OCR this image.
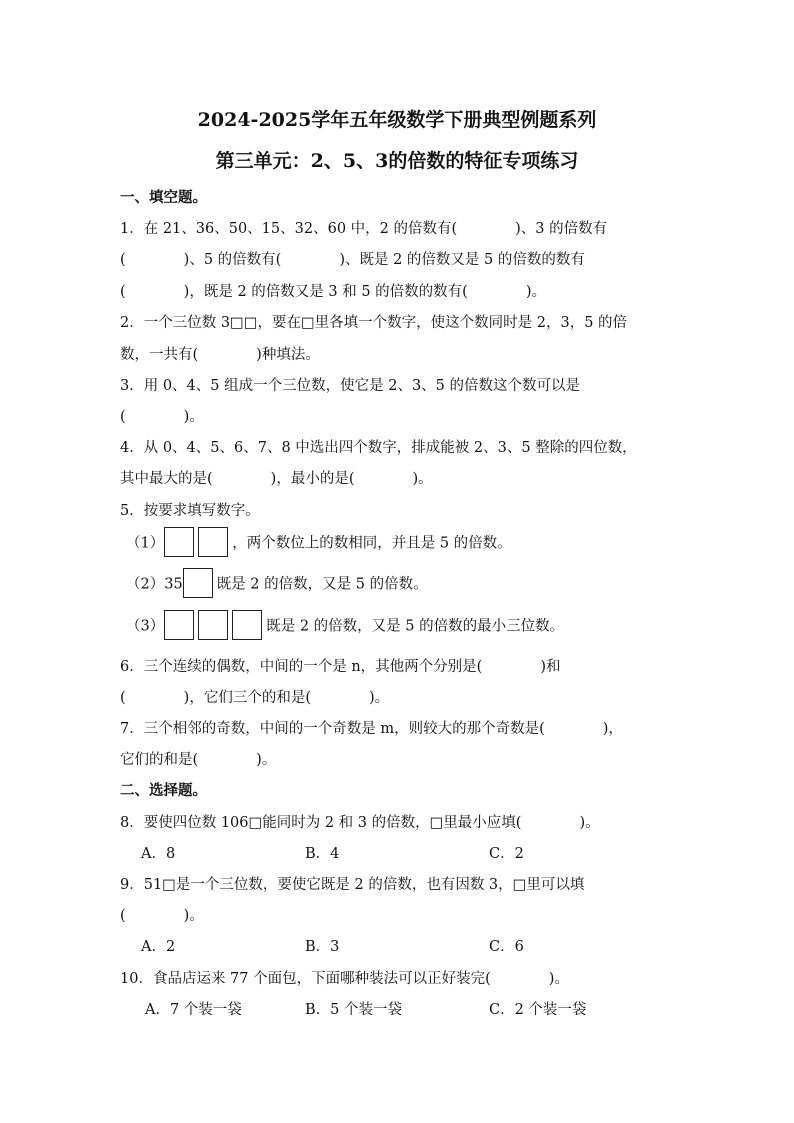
2024-2025学年五年级数学下册典型例题系列
第三单元：2、5、3的倍数的特征专项练习
一、填空题。
1．在 21、36、50、15、32、60 中，2 的倍数有(	)、3 的倍数有
(	)、5 的倍数有(	)、既是 2 的倍数又是 5 的倍数的数有
(	)，既是 2 的倍数又是 3 和 5 的倍数的数有(	)。
2．一个三位数 3□□，要在□里各填一个数字，使这个数同时是 2，3，5 的倍
数，一共有(	)种填法。
3．用 0、4、5 组成一个三位数，使它是 2、3、5 的倍数这个数可以是
(	)。
4．从 0、4、5、6、7、8 中选出四个数字，排成能被 2、3、5 整除的四位数，
其中最大的是(	)，最小的是(	)。
5．按要求填写数字。
（1）	，两个数位上的数相同，并且是 5 的倍数。
（2）35 既是 2 的倍数，又是 5 的倍数。
（3）	既是 2 的倍数，又是 5 的倍数的最小三位数。
6．三个连续的偶数，中间的一个是 n，其他两个分别是(	)和
(	)，它们三个的和是(	)。
7．三个相邻的奇数，中间的一个奇数是 m，则较大的那个奇数是(	)，
它们的和是(	)。
二、选择题。
8．要使四位数 106□能同时为 2 和 3 的倍数，□里最小应填(	)。
A．8	B．4	C．2
9．51□是一个三位数，要使它既是 2 的倍数，也有因数 3，□里可以填
(	)。
A．2	B．3	C．6
10．食品店运来 77 个面包，下面哪种装法可以正好装完(	)。
A．7 个装一袋	B．5 个装一袋	C．2 个装一袋
